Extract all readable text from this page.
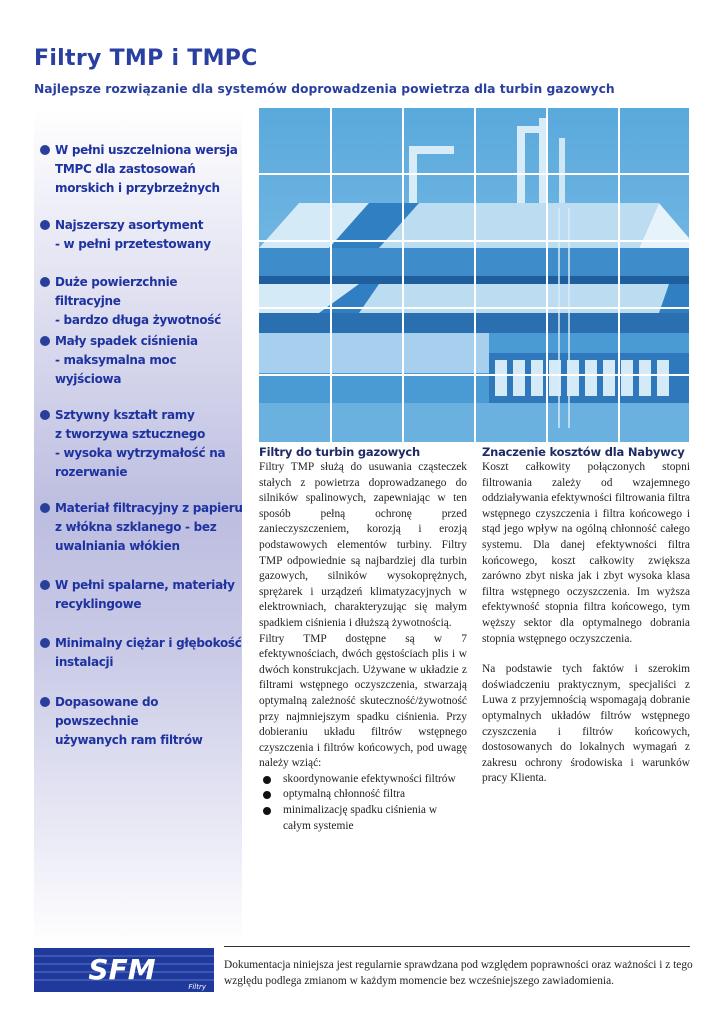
Filtry TMP i TMPC

Najlepsze rozwiązanie dla systemów doprowadzenia powietrza dla turbin gazowych

W pełni uszczelniona wersja
TMPC dla zastosowań
morskich i przybrzeżnych
Najszerszy asortyment
- w pełni przetestowany
Duże powierzchnie filtracyjne
- bardzo długa żywotność
Mały spadek ciśnienia
- maksymalna moc
wyjściowa
Sztywny kształt ramy
z tworzywa sztucznego
- wysoka wytrzymałość na
rozerwanie
Materiał filtracyjny z papieru
z włókna szklanego - bez
uwalniania włókien
W pełni spalarne, materiały
recyklingowe
Minimalny ciężar i głębokość
instalacji
Dopasowane do powszechnie
używanych ram filtrów
Filtry do turbin gazowych

Filtry TMP służą do usuwania cząsteczek stałych z powietrza doprowadzanego do silników spalinowych, zapewniając w ten sposób pełną ochronę przed zanieczyszczeniem, korozją i erozją podstawowych elementów turbiny. Filtry TMP odpowiednie są najbardziej dla turbin gazowych, silników wysokoprężnych, sprężarek i urządzeń klimatyzacyjnych w elektrowniach, charakteryzując się małym spadkiem ciśnienia i dłuższą żywotnością.

Filtry TMP dostępne są w 7 efektywnościach, dwóch gęstościach plis i w dwóch konstrukcjach. Używane w układzie z filtrami wstępnego oczyszczenia, stwarzają optymalną zależność skuteczność/żywotność przy najmniejszym spadku ciśnienia. Przy dobieraniu układu filtrów wstępnego czyszczenia i filtrów końcowych, pod uwagę należy wziąć:

skoordynowanie efektywności filtrów
optymalną chłonność filtra
minimalizację spadku ciśnienia w całym systemie
Znaczenie kosztów dla Nabywcy

Koszt całkowity połączonych stopni filtrowania zależy od wzajemnego oddziaływania efektywności filtrowania filtra wstępnego czyszczenia i filtra końcowego i stąd jego wpływ na ogólną chłonność całego systemu. Dla danej efektywności filtra końcowego, koszt całkowity zwiększa zarówno zbyt niska jak i zbyt wysoka klasa filtra wstępnego oczyszczenia. Im wyższa efektywność stopnia filtra końcowego, tym węższy sektor dla optymalnego dobrania stopnia wstępnego oczyszczenia.

Na podstawie tych faktów i szerokim doświadczeniu praktycznym, specjaliści z Luwa z przyjemnością wspomagają dobranie optymalnych układów filtrów wstępnego czyszczenia i filtrów końcowych, dostosowanych do lokalnych wymagań z zakresu ochrony środowiska i warunków pracy Klienta.

SFM
Filtry

Dokumentacja niniejsza jest regularnie sprawdzana pod względem poprawności oraz ważności i z tego względu podlega zmianom w każdym momencie bez wcześniejszego zawiadomienia.
